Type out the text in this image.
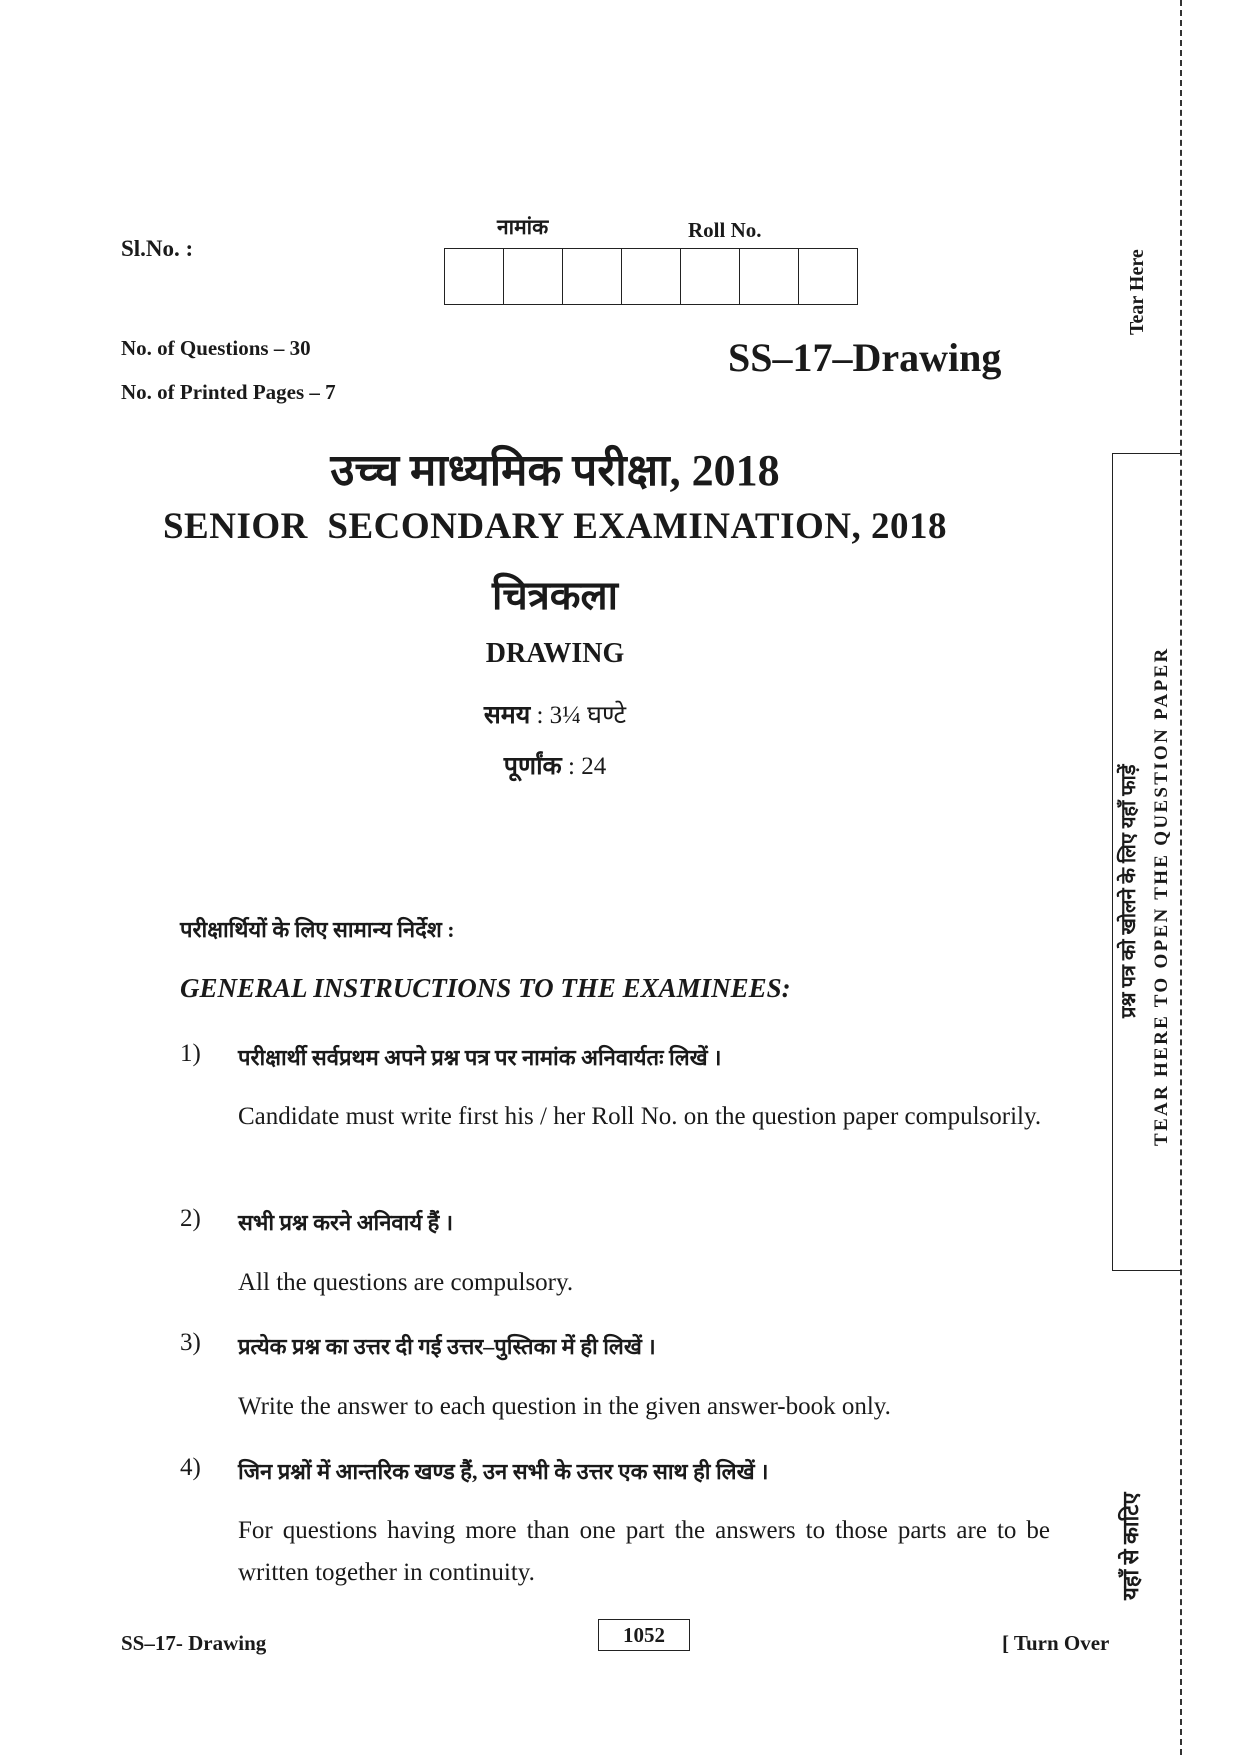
Sl.No. :
नामांक	Roll No.
No. of Questions – 30
No. of Printed Pages – 7
SS–17–Drawing
उच्च माध्यमिक परीक्षा, 2018
SENIOR  SECONDARY EXAMINATION, 2018
चित्रकला
DRAWING
समय : 3¼ घण्टे
पूर्णांक : 24
परीक्षार्थियों के लिए सामान्य निर्देश :
GENERAL INSTRUCTIONS TO THE EXAMINEES:
1) परीक्षार्थी सर्वप्रथम अपने प्रश्न पत्र पर नामांक अनिवार्यतः लिखें ।
Candidate must write first his / her Roll No. on the question paper compulsorily.
2) सभी प्रश्न करने अनिवार्य हैं ।
All the questions are compulsory.
3) प्रत्येक प्रश्न का उत्तर दी गई उत्तर–पुस्तिका में ही लिखें ।
Write the answer to each question in the given answer-book only.
4) जिन प्रश्नों में आन्तरिक खण्ड हैं, उन सभी के उत्तर एक साथ ही लिखें ।
For questions having more than one part the answers to those parts are to be written together in continuity.
SS–17- Drawing	1052	[ Turn Over
Tear Here
प्रश्न पत्र को खोलने के लिए यहाँ फाड़ें TEAR HERE TO OPEN THE QUESTION PAPER
यहाँ से काटिए
